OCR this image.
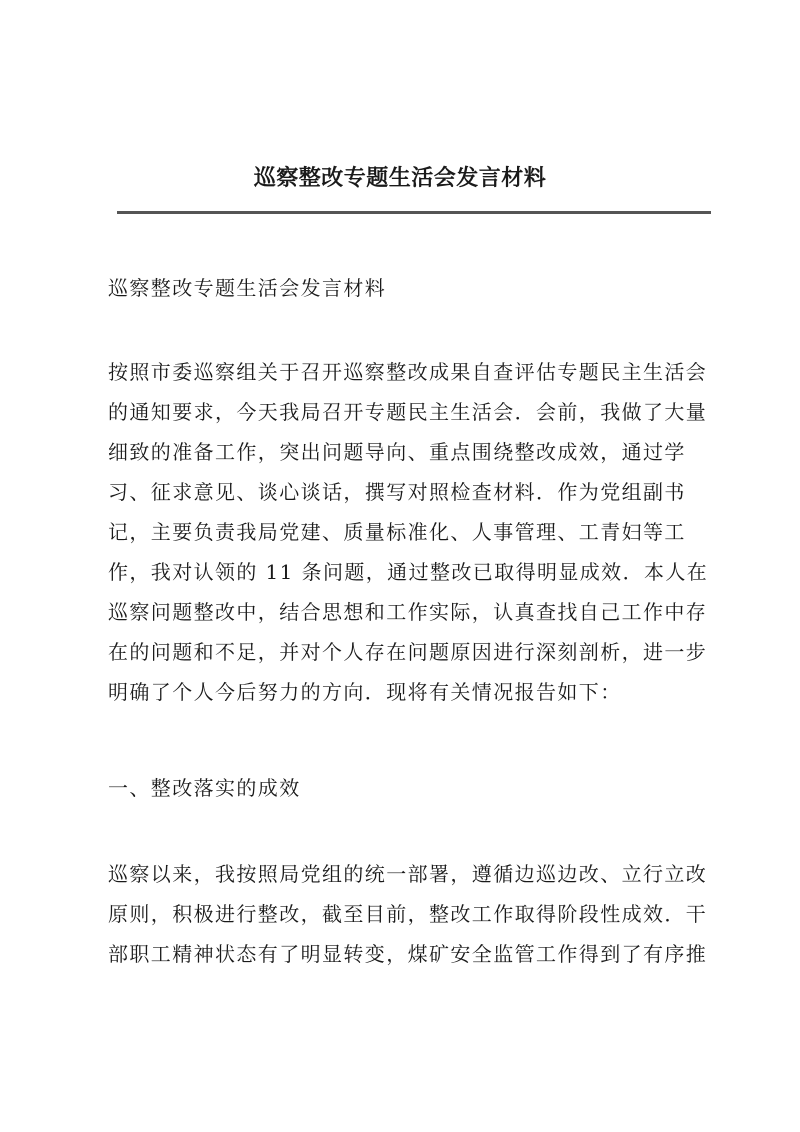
巡察整改专题生活会发言材料
巡察整改专题生活会发言材料
按照市委巡察组关于召开巡察整改成果自查评估专题民主生活会
的通知要求，今天我局召开专题民主生活会．会前，我做了大量
细致的准备工作，突出问题导向、重点围绕整改成效，通过学
习、征求意见、谈心谈话，撰写对照检查材料．作为党组副书
记，主要负责我局党建、质量标准化、人事管理、工青妇等工
作，我对认领的 11 条问题，通过整改已取得明显成效．本人在
巡察问题整改中，结合思想和工作实际，认真查找自己工作中存
在的问题和不足，并对个人存在问题原因进行深刻剖析，进一步
明确了个人今后努力的方向．现将有关情况报告如下：
一、整改落实的成效
巡察以来，我按照局党组的统一部署，遵循边巡边改、立行立改
原则，积极进行整改，截至目前，整改工作取得阶段性成效．干
部职工精神状态有了明显转变，煤矿安全监管工作得到了有序推
